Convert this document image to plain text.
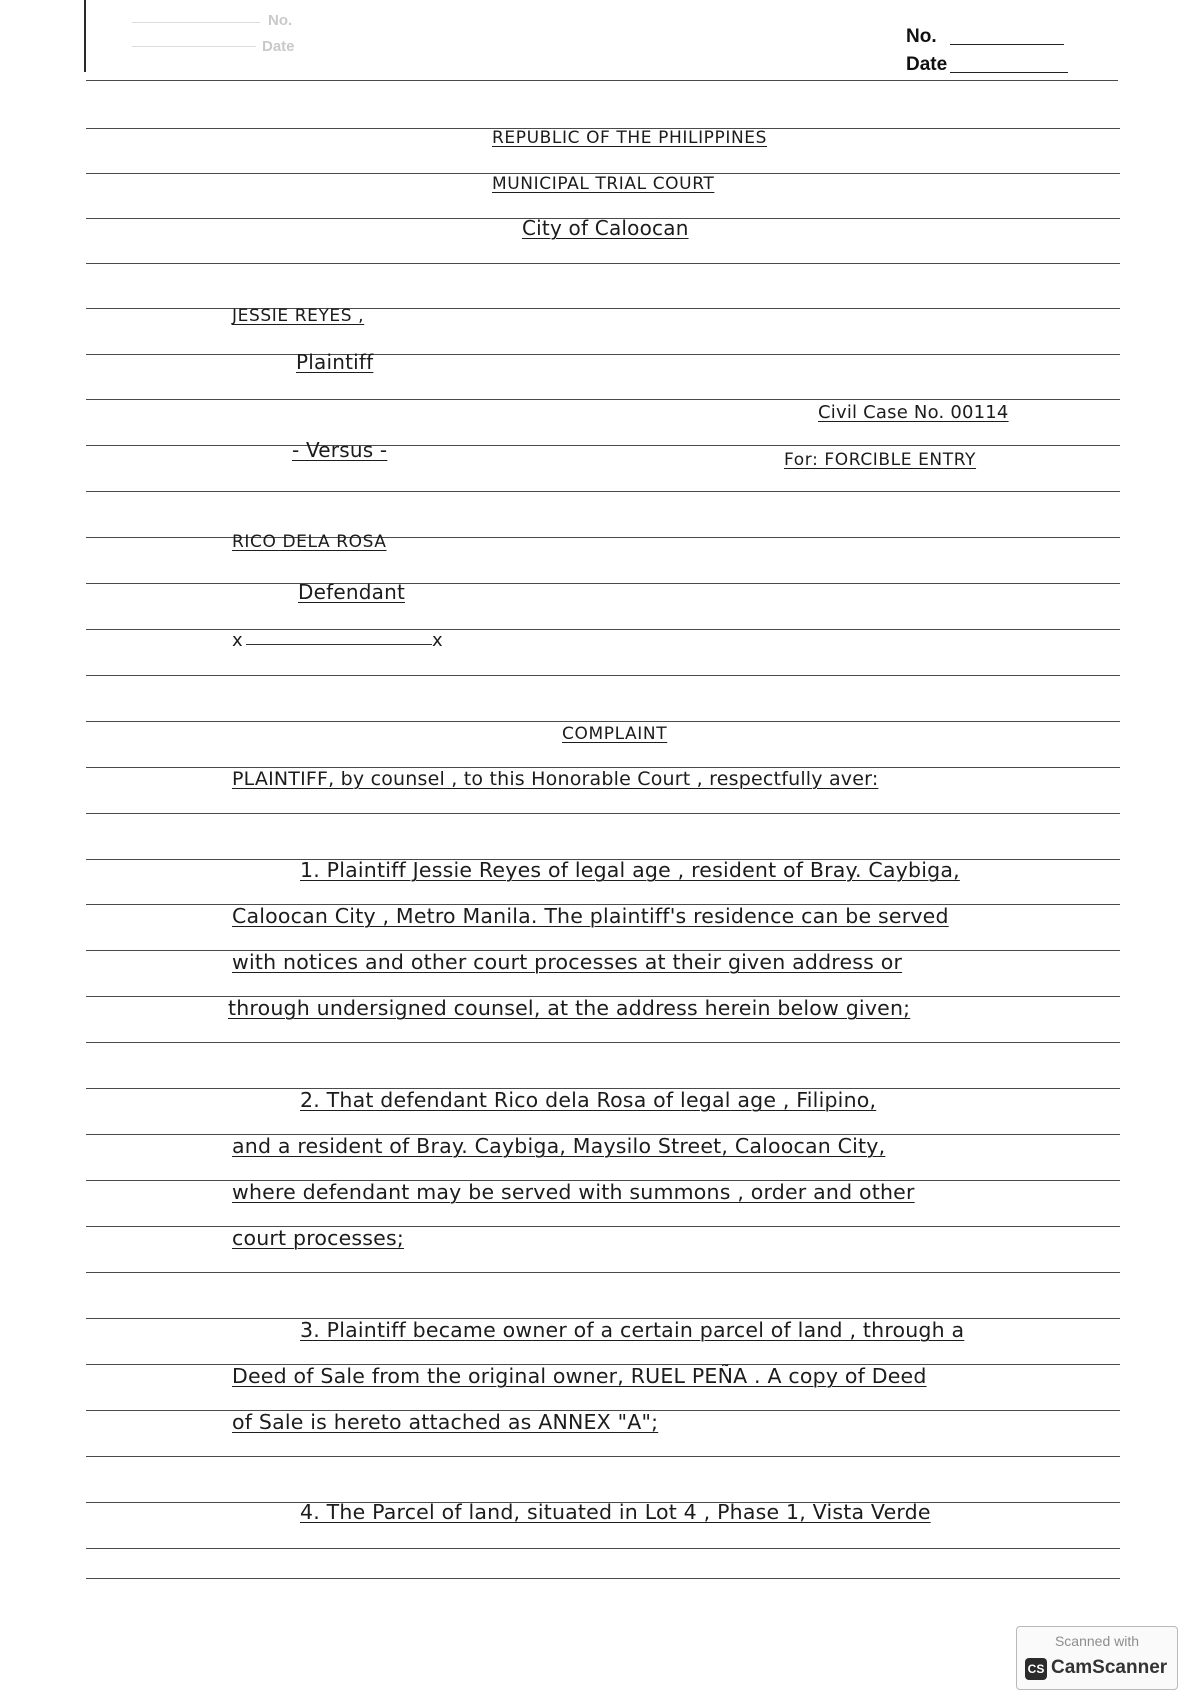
No.
Date	No.
Date
REPUBLIC OF THE PHILIPPINES
MUNICIPAL TRIAL COURT
City of Caloocan
JESSIE REYES ,
Plaintiff
Civil Case No. 00114
- Versus -	For: FORCIBLE ENTRY
RICO DELA ROSA
Defendant
x	x
COMPLAINT
PLAINTIFF, by counsel , to this Honorable Court , respectfully aver:
1. Plaintiff Jessie Reyes of legal age , resident of Bray. Caybiga,
Caloocan City , Metro Manila. The plaintiff's residence can be served
with notices and other court processes at their given address or
through undersigned counsel, at the address herein below given;
2. That defendant Rico dela Rosa of legal age , Filipino,
and a resident of Bray. Caybiga, Maysilo Street, Caloocan City,
where defendant may be served with summons , order and other
court processes;
3. Plaintiff became owner of a certain parcel of land , through a
Deed of Sale from the original owner, RUEL PEÑA . A copy of Deed
of Sale is hereto attached as ANNEX "A";
4. The Parcel of land, situated in Lot 4 , Phase 1, Vista Verde
Scanned with
CS CamScanner
